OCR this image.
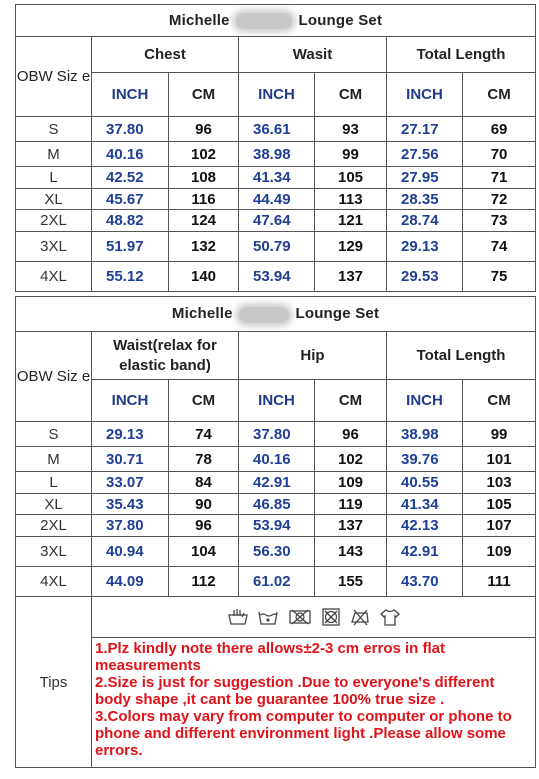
Michelle Lounge Set						
OBW Siz e	Chest		Wasit		Total Length	
	INCH	CM	INCH	CM	INCH	CM
S	37.80	96	36.61	93	27.17	69
M	40.16	102	38.98	99	27.56	70
L	42.52	108	41.34	105	27.95	71
XL	45.67	116	44.49	113	28.35	72
2XL	48.82	124	47.64	121	28.74	73
3XL	51.97	132	50.79	129	29.13	74
4XL	55.12	140	53.94	137	29.53	75
Michelle Lounge Set						
OBW Siz e	Waist(relax for elastic band)		Hip		Total Length	
	INCH	CM	INCH	CM	INCH	CM
S	29.13	74	37.80	96	38.98	99
M	30.71	78	40.16	102	39.76	101
L	33.07	84	42.91	109	40.55	103
XL	35.43	90	46.85	119	41.34	105
2XL	37.80	96	53.94	137	42.13	107
3XL	40.94	104	56.30	143	42.91	109
4XL	44.09	112	61.02	155	43.70	111
Tips	

	1.Plz kindly note there allows±2-3 cm erros in flat measurements

2.Size is just for suggestion .Due to everyone's different body shape ,it cant be guarantee 100% true size .

3.Colors may vary from computer to computer or phone to phone and different environment light .Please allow some errors.					
